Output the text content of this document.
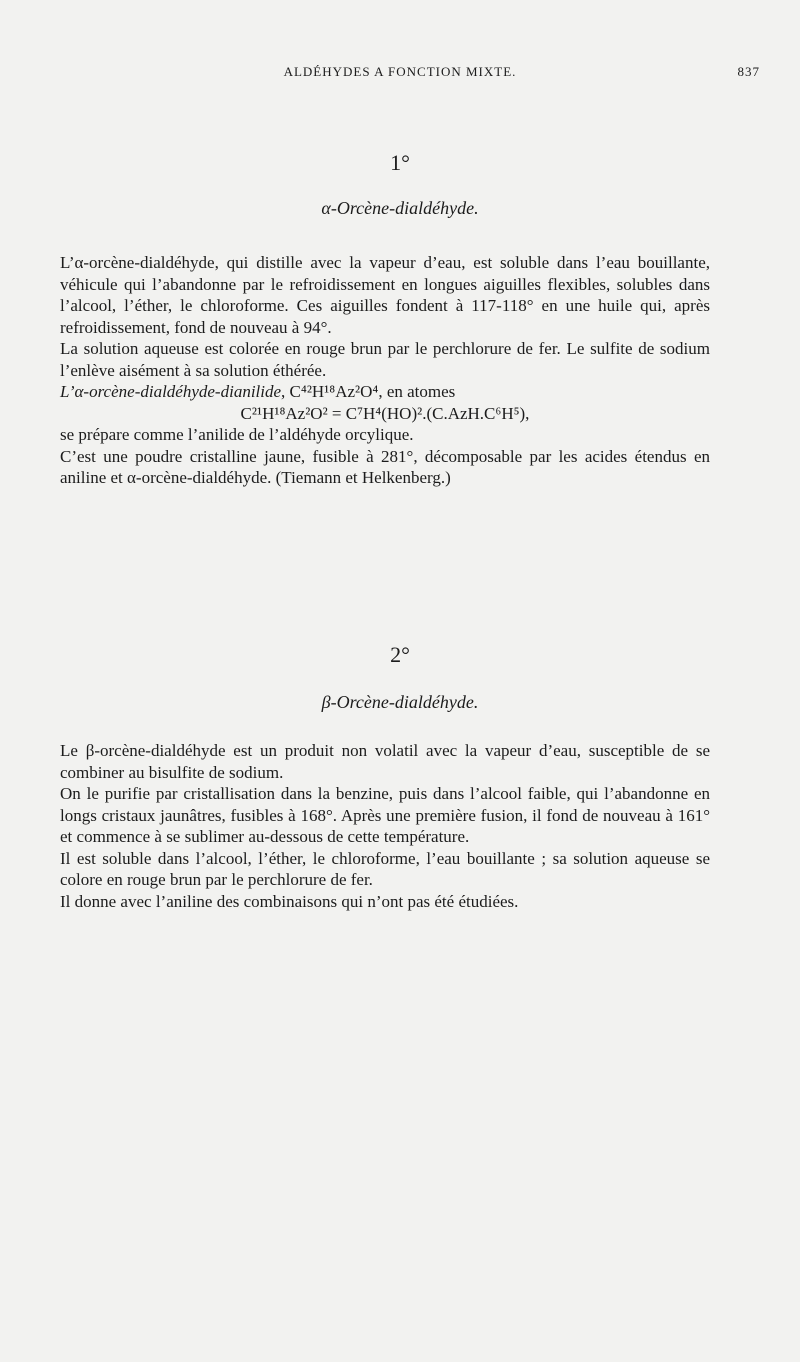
ALDÉHYDES A FONCTION MIXTE.	837
1°
α-Orcène-dialdéhyde.

L’α-orcène-dialdéhyde, qui distille avec la vapeur d’eau, est soluble dans l’eau bouillante, véhicule qui l’abandonne par le refroidissement en longues aiguilles flexibles, solubles dans l’alcool, l’éther, le chloroforme. Ces aiguilles fondent à 117-118° en une huile qui, après refroidissement, fond de nouveau à 94°.

La solution aqueuse est colorée en rouge brun par le perchlorure de fer. Le sulfite de sodium l’enlève aisément à sa solution éthérée.

L’α-orcène-dialdéhyde-dianilide, C⁴²H¹⁸Az²O⁴, en atomes

C²¹H¹⁸Az²O² = C⁷H⁴(HO)².(C.AzH.C⁶H⁵),

se prépare comme l’anilide de l’aldéhyde orcylique.

C’est une poudre cristalline jaune, fusible à 281°, décomposable par les acides étendus en aniline et α-orcène-dialdéhyde. (Tiemann et Helkenberg.)

2°
β-Orcène-dialdéhyde.

Le β-orcène-dialdéhyde est un produit non volatil avec la vapeur d’eau, susceptible de se combiner au bisulfite de sodium.

On le purifie par cristallisation dans la benzine, puis dans l’alcool faible, qui l’abandonne en longs cristaux jaunâtres, fusibles à 168°. Après une première fusion, il fond de nouveau à 161° et commence à se sublimer au-dessous de cette température.

Il est soluble dans l’alcool, l’éther, le chloroforme, l’eau bouillante ; sa solution aqueuse se colore en rouge brun par le perchlorure de fer.

Il donne avec l’aniline des combinaisons qui n’ont pas été étudiées.
